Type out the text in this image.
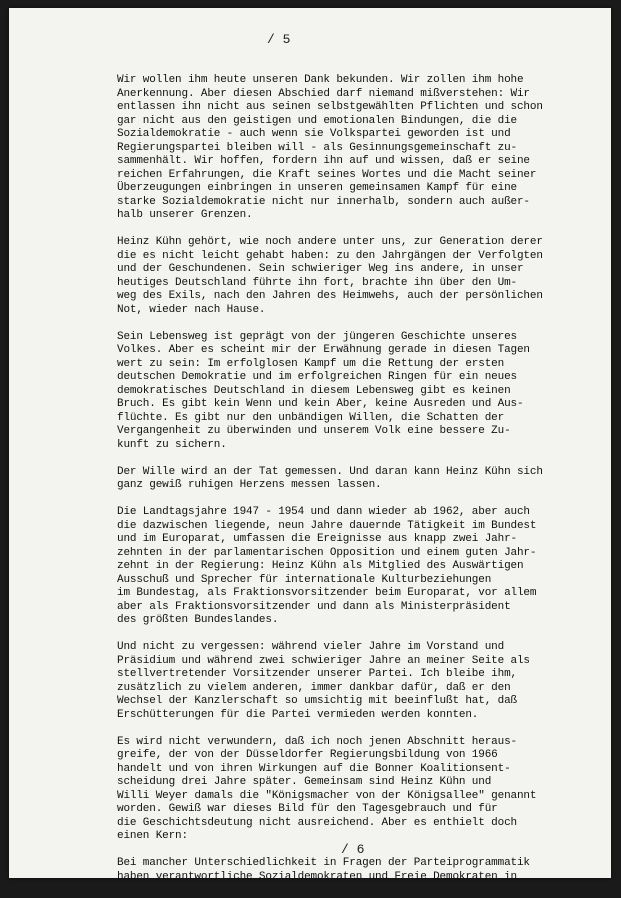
/ 5
Wir wollen ihm heute unseren Dank bekunden. Wir zollen ihm hohe
Anerkennung. Aber diesen Abschied darf niemand mißverstehen: Wir
entlassen ihn nicht aus seinen selbstgewählten Pflichten und schon
gar nicht aus den geistigen und emotionalen Bindungen, die die
Sozialdemokratie - auch wenn sie Volkspartei geworden ist und
Regierungspartei bleiben will - als Gesinnungsgemeinschaft zu-
sammenhält. Wir hoffen, fordern ihn auf und wissen, daß er seine
reichen Erfahrungen, die Kraft seines Wortes und die Macht seiner
Überzeugungen einbringen in unseren gemeinsamen Kampf für eine
starke Sozialdemokratie nicht nur innerhalb, sondern auch außer-
halb unserer Grenzen.
Heinz Kühn gehört, wie noch andere unter uns, zur Generation derer
die es nicht leicht gehabt haben: zu den Jahrgängen der Verfolgten
und der Geschundenen. Sein schwieriger Weg ins andere, in unser
heutiges Deutschland führte ihn fort, brachte ihn über den Um-
weg des Exils, nach den Jahren des Heimwehs, auch der persönlichen
Not, wieder nach Hause.
Sein Lebensweg ist geprägt von der jüngeren Geschichte unseres
Volkes. Aber es scheint mir der Erwähnung gerade in diesen Tagen
wert zu sein: Im erfolglosen Kampf um die Rettung der ersten
deutschen Demokratie und im erfolgreichen Ringen für ein neues
demokratisches Deutschland in diesem Lebensweg gibt es keinen
Bruch. Es gibt kein Wenn und kein Aber, keine Ausreden und Aus-
flüchte. Es gibt nur den unbändigen Willen, die Schatten der
Vergangenheit zu überwinden und unserem Volk eine bessere Zu-
kunft zu sichern.
Der Wille wird an der Tat gemessen. Und daran kann Heinz Kühn sich
ganz gewiß ruhigen Herzens messen lassen.
Die Landtagsjahre 1947 - 1954 und dann wieder ab 1962, aber auch
die dazwischen liegende, neun Jahre dauernde Tätigkeit im Bundest
und im Europarat, umfassen die Ereignisse aus knapp zwei Jahr-
zehnten in der parlamentarischen Opposition und einem guten Jahr-
zehnt in der Regierung: Heinz Kühn als Mitglied des Auswärtigen
Ausschuß und Sprecher für internationale Kulturbeziehungen
im Bundestag, als Fraktionsvorsitzender beim Europarat, vor allem
aber als Fraktionsvorsitzender und dann als Ministerpräsident
des größten Bundeslandes.
Und nicht zu vergessen: während vieler Jahre im Vorstand und
Präsidium und während zwei schwieriger Jahre an meiner Seite als
stellvertretender Vorsitzender unserer Partei. Ich bleibe ihm,
zusätzlich zu vielem anderen, immer dankbar dafür, daß er den
Wechsel der Kanzlerschaft so umsichtig mit beeinflußt hat, daß
Erschütterungen für die Partei vermieden werden konnten.
Es wird nicht verwundern, daß ich noch jenen Abschnitt heraus-
greife, der von der Düsseldorfer Regierungsbildung von 1966
handelt und von ihren Wirkungen auf die Bonner Koalitionsent-
scheidung drei Jahre später. Gemeinsam sind Heinz Kühn und
Willi Weyer damals die "Königsmacher von der Königsallee" genannt
worden. Gewiß war dieses Bild für den Tagesgebrauch und für
die Geschichtsdeutung nicht ausreichend. Aber es enthielt doch
einen Kern:
Bei mancher Unterschiedlichkeit in Fragen der Parteiprogrammatik
haben verantwortliche Sozialdemokraten und Freie Demokraten in
/ 6
